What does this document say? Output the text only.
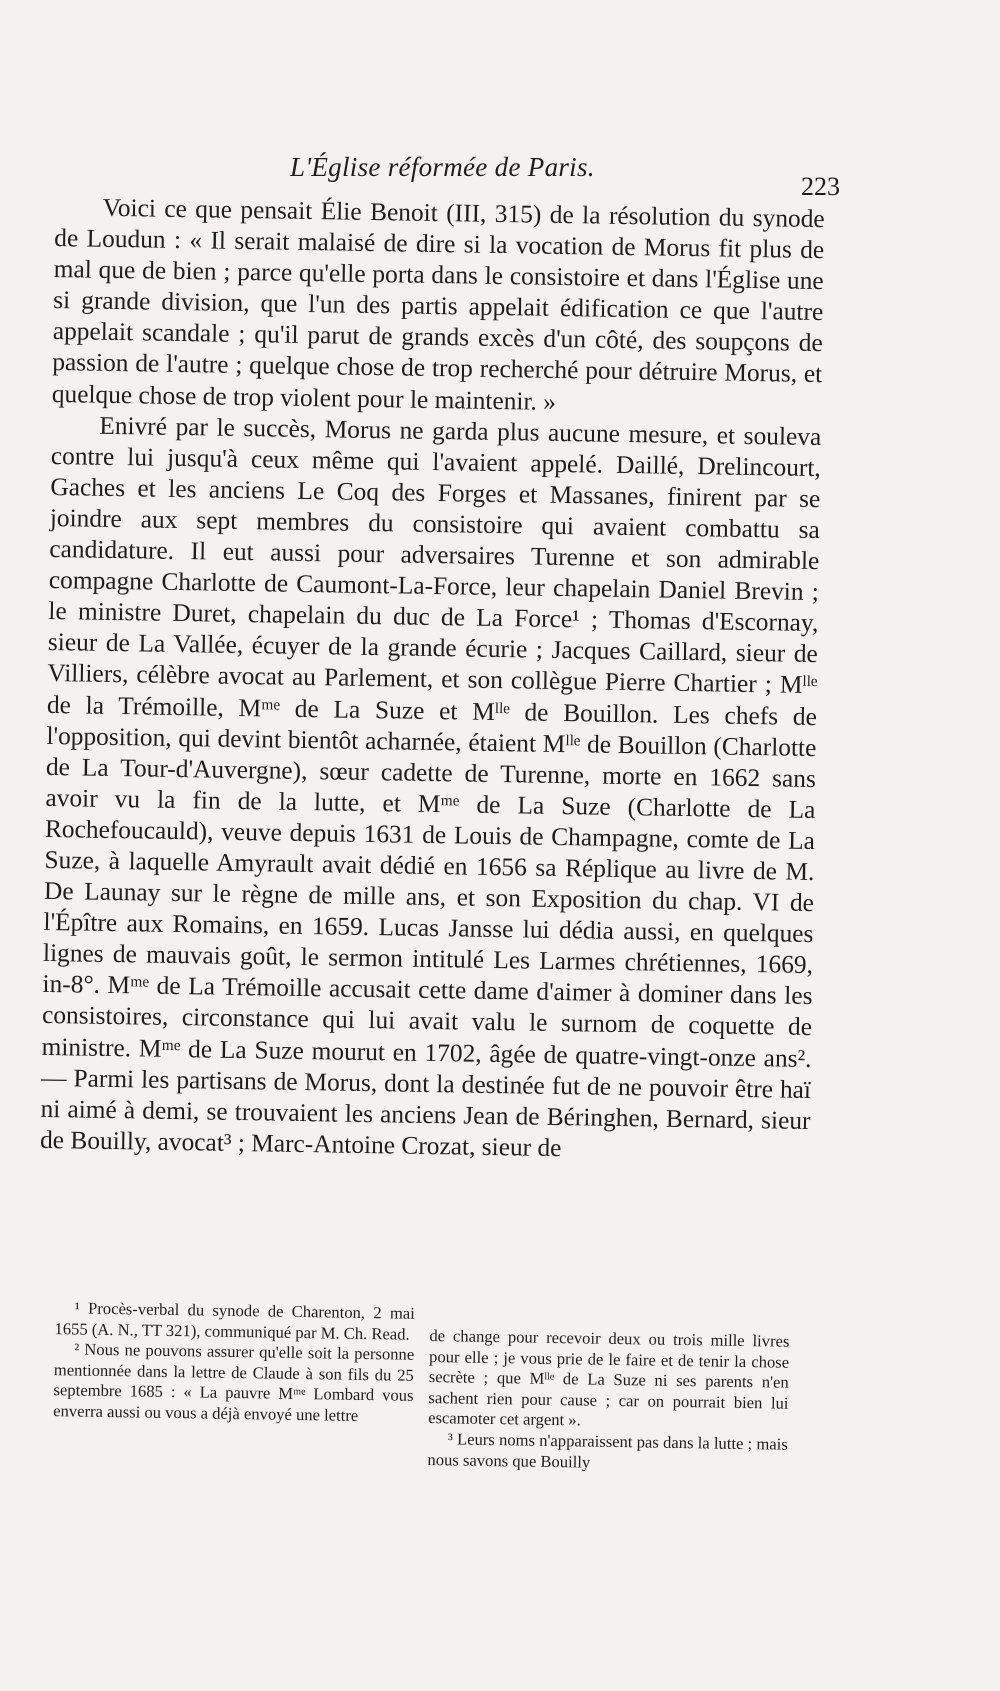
L'Église réformée de Paris.
223

Voici ce que pensait Élie Benoit (III, 315) de la résolution du synode de Loudun : « Il serait malaisé de dire si la vocation de Morus fit plus de mal que de bien ; parce qu'elle porta dans le consistoire et dans l'Église une si grande division, que l'un des partis appelait édification ce que l'autre appelait scandale ; qu'il parut de grands excès d'un côté, des soupçons de passion de l'autre ; quelque chose de trop recherché pour détruire Morus, et quelque chose de trop violent pour le maintenir. »

Enivré par le succès, Morus ne garda plus aucune mesure, et souleva contre lui jusqu'à ceux même qui l'avaient appelé. Daillé, Drelincourt, Gaches et les anciens Le Coq des Forges et Massanes, finirent par se joindre aux sept membres du consistoire qui avaient combattu sa candidature. Il eut aussi pour adversaires Turenne et son admirable compagne Charlotte de Caumont-La-Force, leur chapelain Daniel Brevin ; le ministre Duret, chapelain du duc de La Force¹ ; Thomas d'Escornay, sieur de La Vallée, écuyer de la grande écurie ; Jacques Caillard, sieur de Villiers, célèbre avocat au Parlement, et son collègue Pierre Chartier ; Mˡˡᵉ de la Trémoille, Mᵐᵉ de La Suze et Mˡˡᵉ de Bouillon. Les chefs de l'opposition, qui devint bientôt acharnée, étaient Mˡˡᵉ de Bouillon (Charlotte de La Tour-d'Auvergne), sœur cadette de Turenne, morte en 1662 sans avoir vu la fin de la lutte, et Mᵐᵉ de La Suze (Charlotte de La Rochefoucauld), veuve depuis 1631 de Louis de Champagne, comte de La Suze, à laquelle Amyrault avait dédié en 1656 sa Réplique au livre de M. De Launay sur le règne de mille ans, et son Exposition du chap. VI de l'Épître aux Romains, en 1659. Lucas Jansse lui dédia aussi, en quelques lignes de mauvais goût, le sermon intitulé Les Larmes chrétiennes, 1669, in-8°. Mᵐᵉ de La Trémoille accusait cette dame d'aimer à dominer dans les consistoires, circonstance qui lui avait valu le surnom de coquette de ministre. Mᵐᵉ de La Suze mourut en 1702, âgée de quatre-vingt-onze ans². — Parmi les partisans de Morus, dont la destinée fut de ne pouvoir être haï ni aimé à demi, se trouvaient les anciens Jean de Béringhen, Bernard, sieur de Bouilly, avocat³ ; Marc-Antoine Crozat, sieur de

¹ Procès-verbal du synode de Charenton, 2 mai 1655 (A. N., TT 321), communiqué par M. Ch. Read.

² Nous ne pouvons assurer qu'elle soit la personne mentionnée dans la lettre de Claude à son fils du 25 septembre 1685 : « La pauvre Mᵐᵉ Lombard vous enverra aussi ou vous a déjà envoyé une lettre

de change pour recevoir deux ou trois mille livres pour elle ; je vous prie de le faire et de tenir la chose secrète ; que Mˡˡᵉ de La Suze ni ses parents n'en sachent rien pour cause ; car on pourrait bien lui escamoter cet argent ».

³ Leurs noms n'apparaissent pas dans la lutte ; mais nous savons que Bouilly
